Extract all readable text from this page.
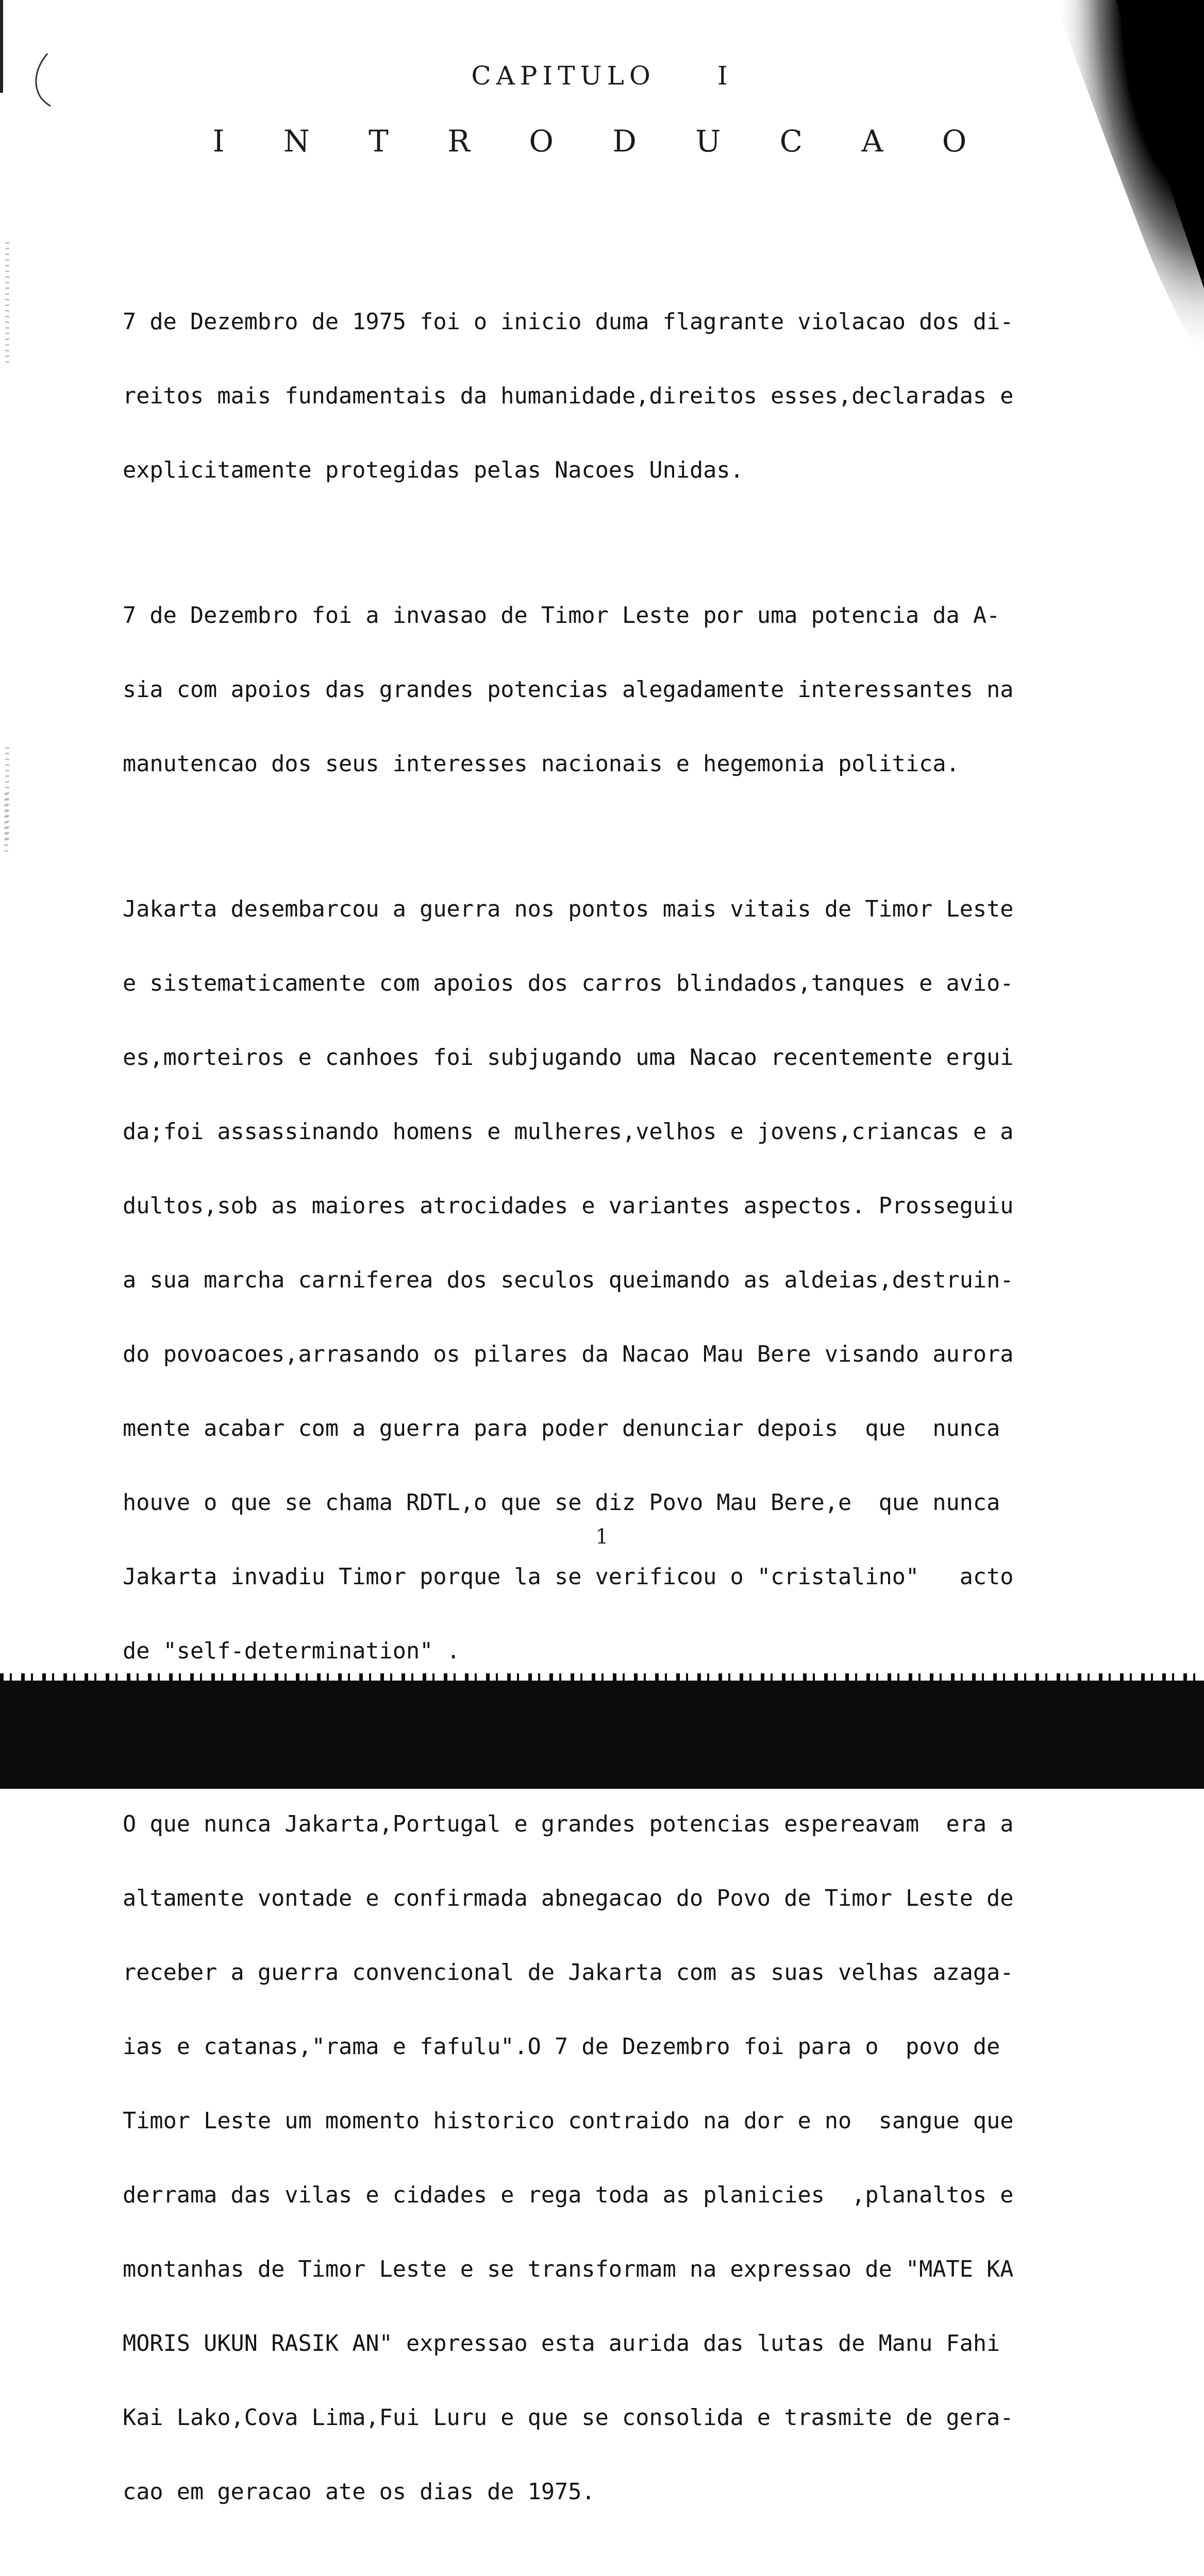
CAPITULO I
I N T R O D U C A O

7 de Dezembro de 1975 foi o inicio duma flagrante violacao dos di-

reitos mais fundamentais da humanidade,direitos esses,declaradas e

explicitamente protegidas pelas Nacoes Unidas.

7 de Dezembro foi a invasao de Timor Leste por uma potencia da A-

sia com apoios das grandes potencias alegadamente interessantes na

manutencao dos seus interesses nacionais e hegemonia politica.

Jakarta desembarcou a guerra nos pontos mais vitais de Timor Leste

e sistematicamente com apoios dos carros blindados,tanques e avio-

es,morteiros e canhoes foi subjugando uma Nacao recentemente ergui

da;foi assassinando homens e mulheres,velhos e jovens,criancas e a

dultos,sob as maiores atrocidades e variantes aspectos. Prosseguiu

a sua marcha carniferea dos seculos queimando as aldeias,destruin-

do povoacoes,arrasando os pilares da Nacao Mau Bere visando aurora

mente acabar com a guerra para poder denunciar depois  que  nunca

houve o que se chama RDTL,o que se diz Povo Mau Bere,e  que nunca

Jakarta invadiu Timor porque la se verificou o "cristalino"   acto

de "self-determination" .

O que nunca Jakarta,Portugal e grandes potencias espereavam  era a

altamente vontade e confirmada abnegacao do Povo de Timor Leste de

receber a guerra convencional de Jakarta com as suas velhas azaga-

ias e catanas,"rama e fafulu".O 7 de Dezembro foi para o  povo de

Timor Leste um momento historico contraido na dor e no  sangue que

derrama das vilas e cidades e rega toda as planicies  ,planaltos e

montanhas de Timor Leste e se transformam na expressao de "MATE KA

MORIS UKUN RASIK AN" expressao esta aurida das lutas de Manu Fahi

Kai Lako,Cova Lima,Fui Luru e que se consolida e trasmite de gera-

cao em geracao ate os dias de 1975.

1
